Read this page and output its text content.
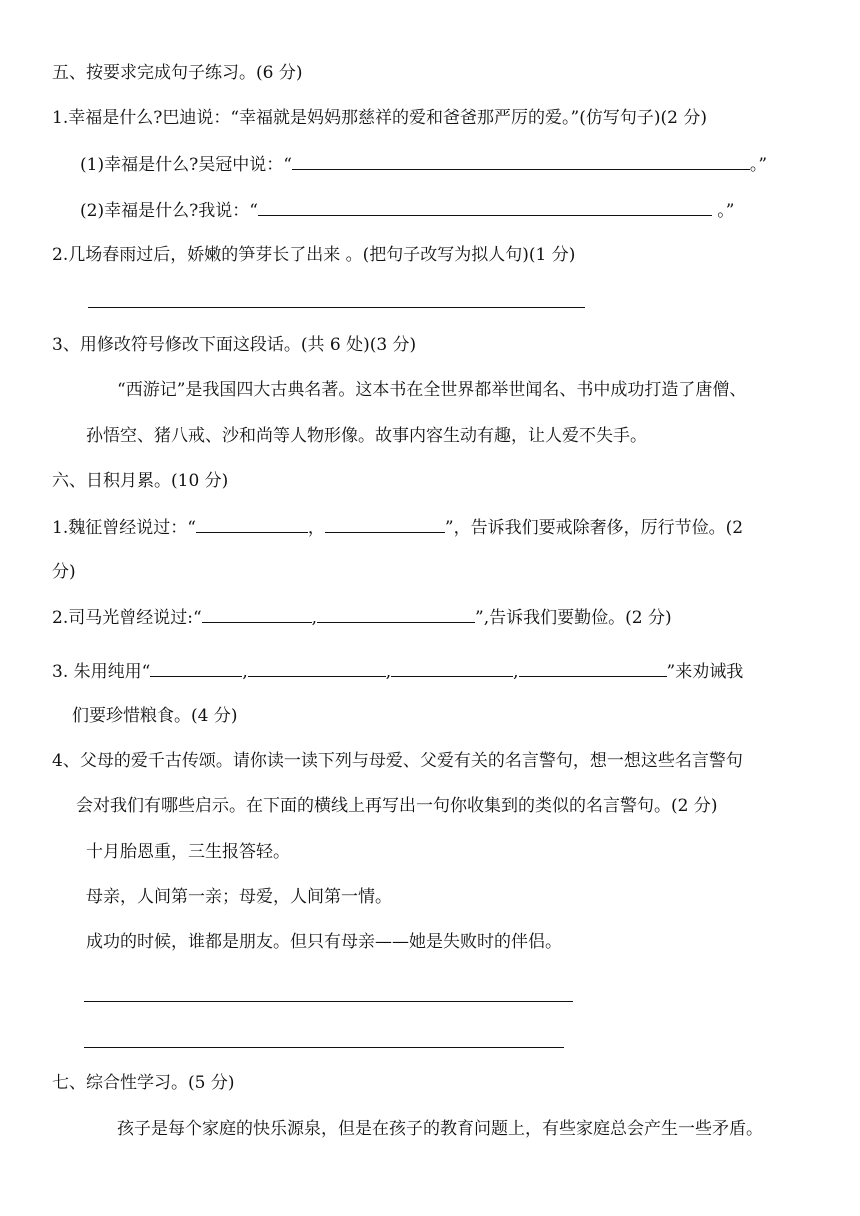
五、按要求完成句子练习。(6 分)
1.幸福是什么?巴迪说：“幸福就是妈妈那慈祥的爱和爸爸那严厉的爱。”(仿写句子)(2 分)
(1)幸福是什么?吴冠中说：“	。”
(2)幸福是什么?我说：“	。”
2.几场春雨过后，娇嫩的笋芽长了出来 。(把句子改写为拟人句)(1 分)
3、用修改符号修改下面这段话。(共 6 处)(3 分)
“西游记”是我国四大古典名著。这本书在全世界都举世闻名、书中成功打造了唐僧、
孙悟空、猪八戒、沙和尚等人物形像。故事内容生动有趣，让人爱不失手。
六、日积月累。(10 分)
1.魏征曾经说过：“	，	”，告诉我们要戒除奢侈，厉行节俭。(2
分)
2.司马光曾经说过:“	,	”,告诉我们要勤俭。(2 分)
3. 朱用纯用“	,	,	,	”来劝诫我
们要珍惜粮食。(4 分)
4、父母的爱千古传颂。请你读一读下列与母爱、父爱有关的名言警句，想一想这些名言警句
会对我们有哪些启示。在下面的横线上再写出一句你收集到的类似的名言警句。(2 分)
十月胎恩重，三生报答轻。
母亲，人间第一亲；母爱，人间第一情。
成功的时候，谁都是朋友。但只有母亲——她是失败时的伴侣。
七、综合性学习。(5 分)
孩子是每个家庭的快乐源泉，但是在孩子的教育问题上，有些家庭总会产生一些矛盾。
